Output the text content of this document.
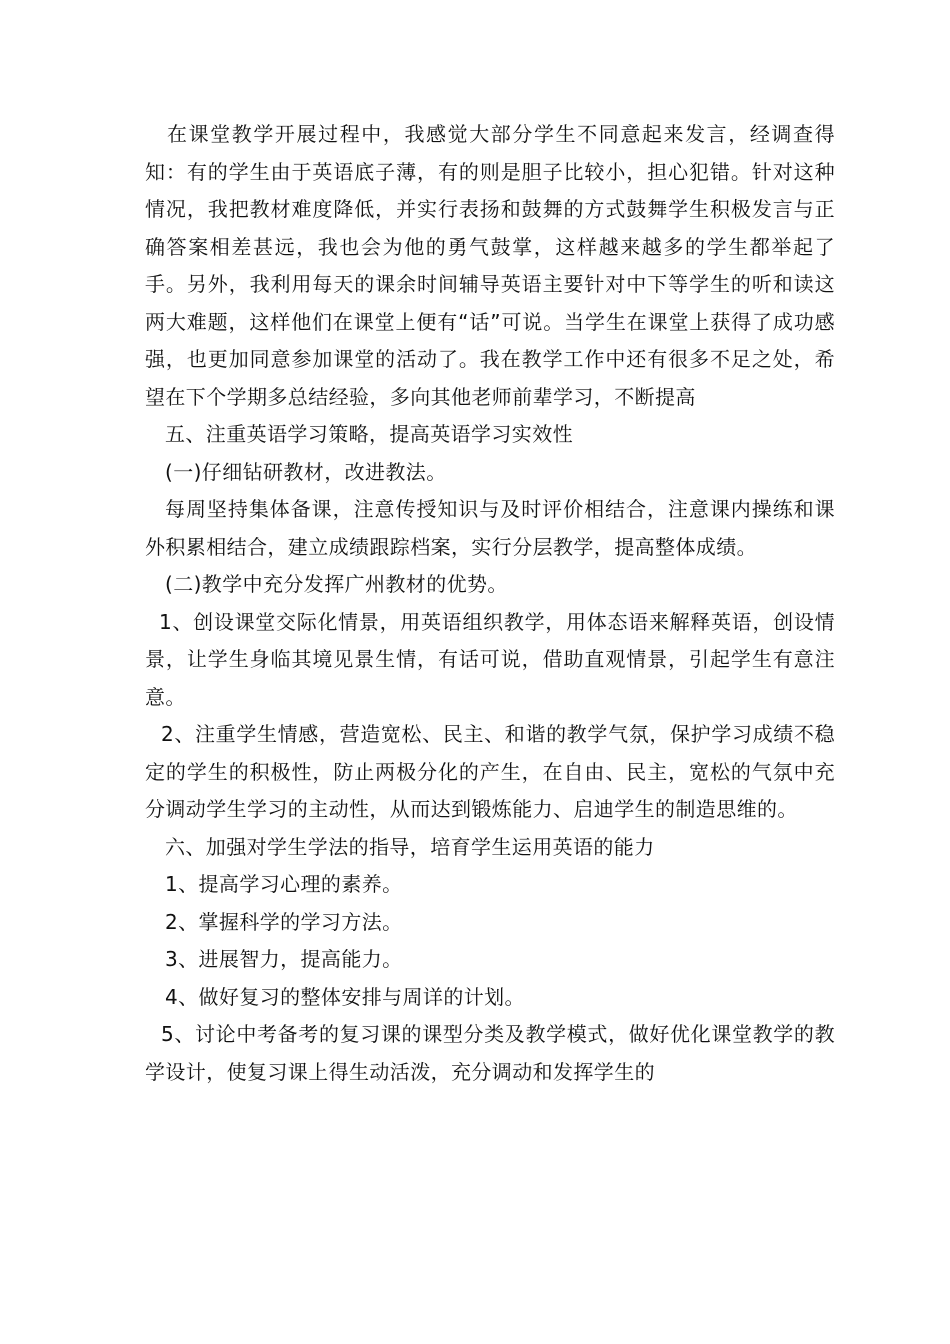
在课堂教学开展过程中，我感觉大部分学生不同意起来发言，经调查得知：有的学生由于英语底子薄，有的则是胆子比较小，担心犯错。针对这种情况，我把教材难度降低，并实行表扬和鼓舞的方式鼓舞学生积极发言与正确答案相差甚远，我也会为他的勇气鼓掌，这样越来越多的学生都举起了手。另外，我利用每天的课余时间辅导英语主要针对中下等学生的听和读这两大难题，这样他们在课堂上便有“话”可说。当学生在课堂上获得了成功感强，也更加同意参加课堂的活动了。我在教学工作中还有很多不足之处，希望在下个学期多总结经验，多向其他老师前辈学习，不断提高

五、注重英语学习策略，提高英语学习实效性

(一)仔细钻研教材，改进教法。

每周坚持集体备课，注意传授知识与及时评价相结合，注意课内操练和课外积累相结合，建立成绩跟踪档案，实行分层教学，提高整体成绩。

(二)教学中充分发挥广州教材的优势。

1、创设课堂交际化情景，用英语组织教学，用体态语来解释英语，创设情景，让学生身临其境见景生情，有话可说，借助直观情景，引起学生有意注意。

2、注重学生情感，营造宽松、民主、和谐的教学气氛，保护学习成绩不稳定的学生的积极性，防止两极分化的产生，在自由、民主，宽松的气氛中充分调动学生学习的主动性，从而达到锻炼能力、启迪学生的制造思维的。

六、加强对学生学法的指导，培育学生运用英语的能力

1、提高学习心理的素养。

2、掌握科学的学习方法。

3、进展智力，提高能力。

4、做好复习的整体安排与周详的计划。

5、讨论中考备考的复习课的课型分类及教学模式，做好优化课堂教学的教学设计，使复习课上得生动活泼，充分调动和发挥学生的
